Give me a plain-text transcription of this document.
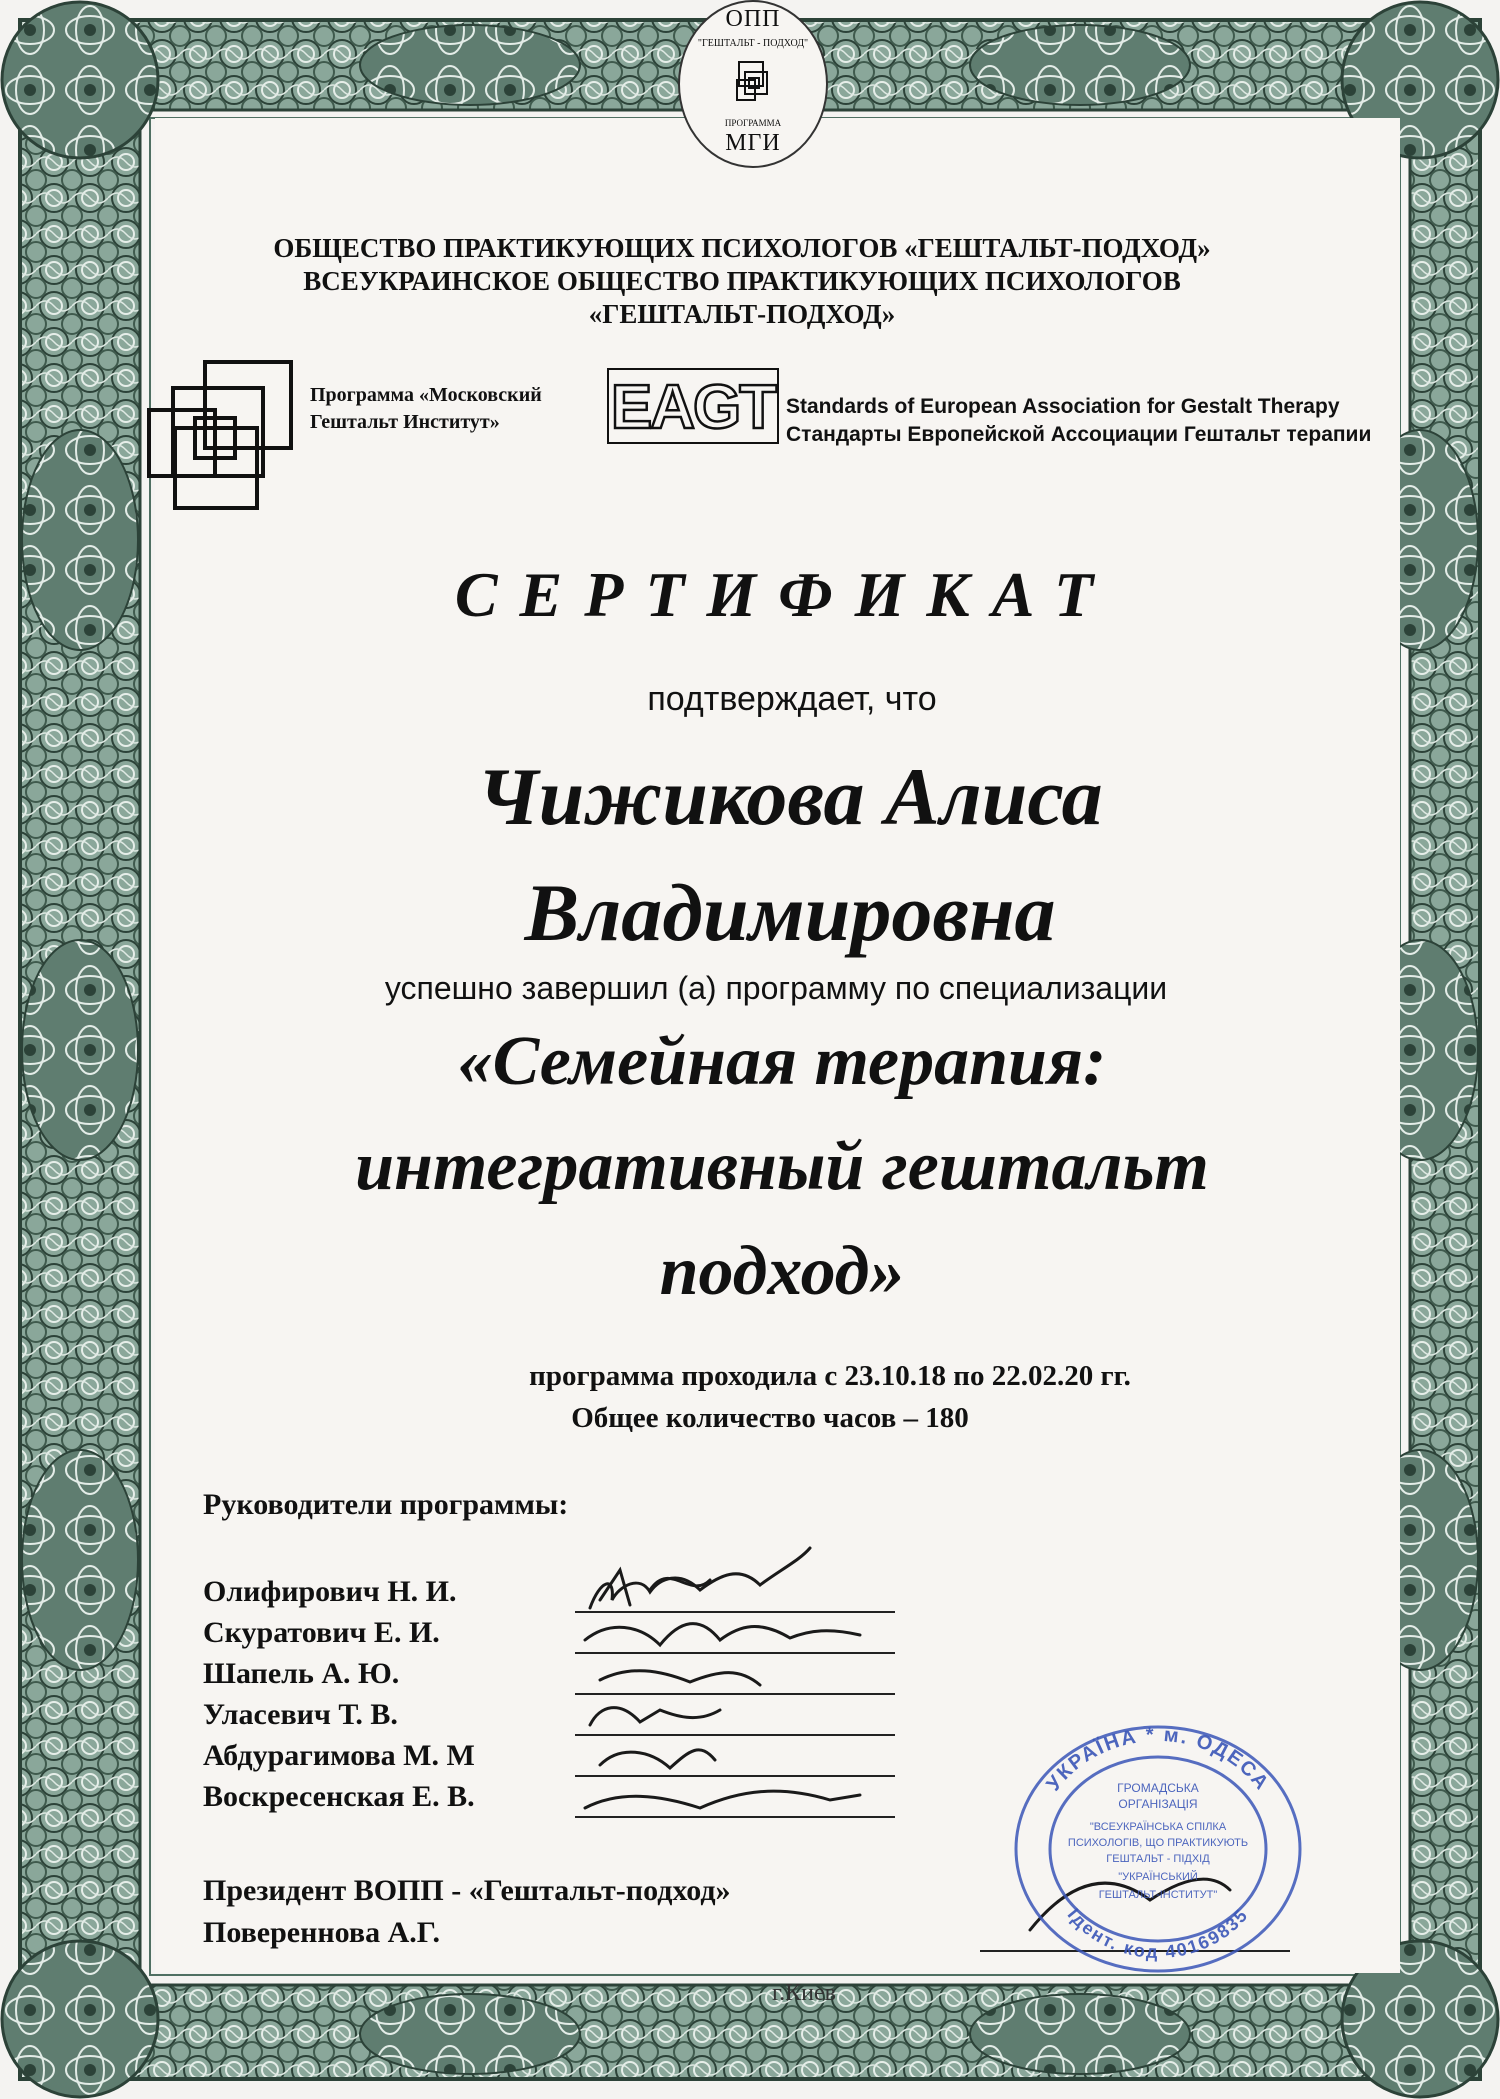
ОПП
"ГЕШТАЛЬТ - ПОДХОД"
ПРОГРАММА
МГИ
ОБЩЕСТВО ПРАКТИКУЮЩИХ ПСИХОЛОГОВ «ГЕШТАЛЬТ-ПОДХОД»
ВСЕУКРАИНСКОЕ ОБЩЕСТВО ПРАКТИКУЮЩИХ ПСИХОЛОГОВ
«ГЕШТАЛЬТ-ПОДХОД»
Программа «Московский
Гештальт Институт»	EAGT Standards of European Association for Gestalt Therapy
Стандарты Европейской Ассоциации Гештальт терапии
СЕРТИФИКАТ
подтверждает, что
Чижикова Алиса
Владимировна
успешно завершил (а) программу по специализации
«Семейная терапия:
интегративный гештальт
подход»
программа проходила с 23.10.18 по 22.02.20 гг.
Общее количество часов – 180
Руководители программы:
Олифирович Н. И.
Скуратович Е. И.
Шапель А. Ю.
Уласевич Т. В.
Абдурагимова М. М
Воскресенская Е. В.
Президент ВОПП - «Гештальт-подход»
Поверeннова А.Г.
УКРАЇНА * м. ОДЕСА
Ідент. код 40169835
ГРОМАДСЬКА
ОРГАНІЗАЦІЯ
"ВСЕУКРАЇНСЬКА СПІЛКА
ПСИХОЛОГІВ, ЩО ПРАКТИКУЮТЬ
ГЕШТАЛЬТ - ПІДХІД
"УКРАЇНСЬКИЙ
ГЕШТАЛЬТ-ІНСТИТУТ"
г.Киев
